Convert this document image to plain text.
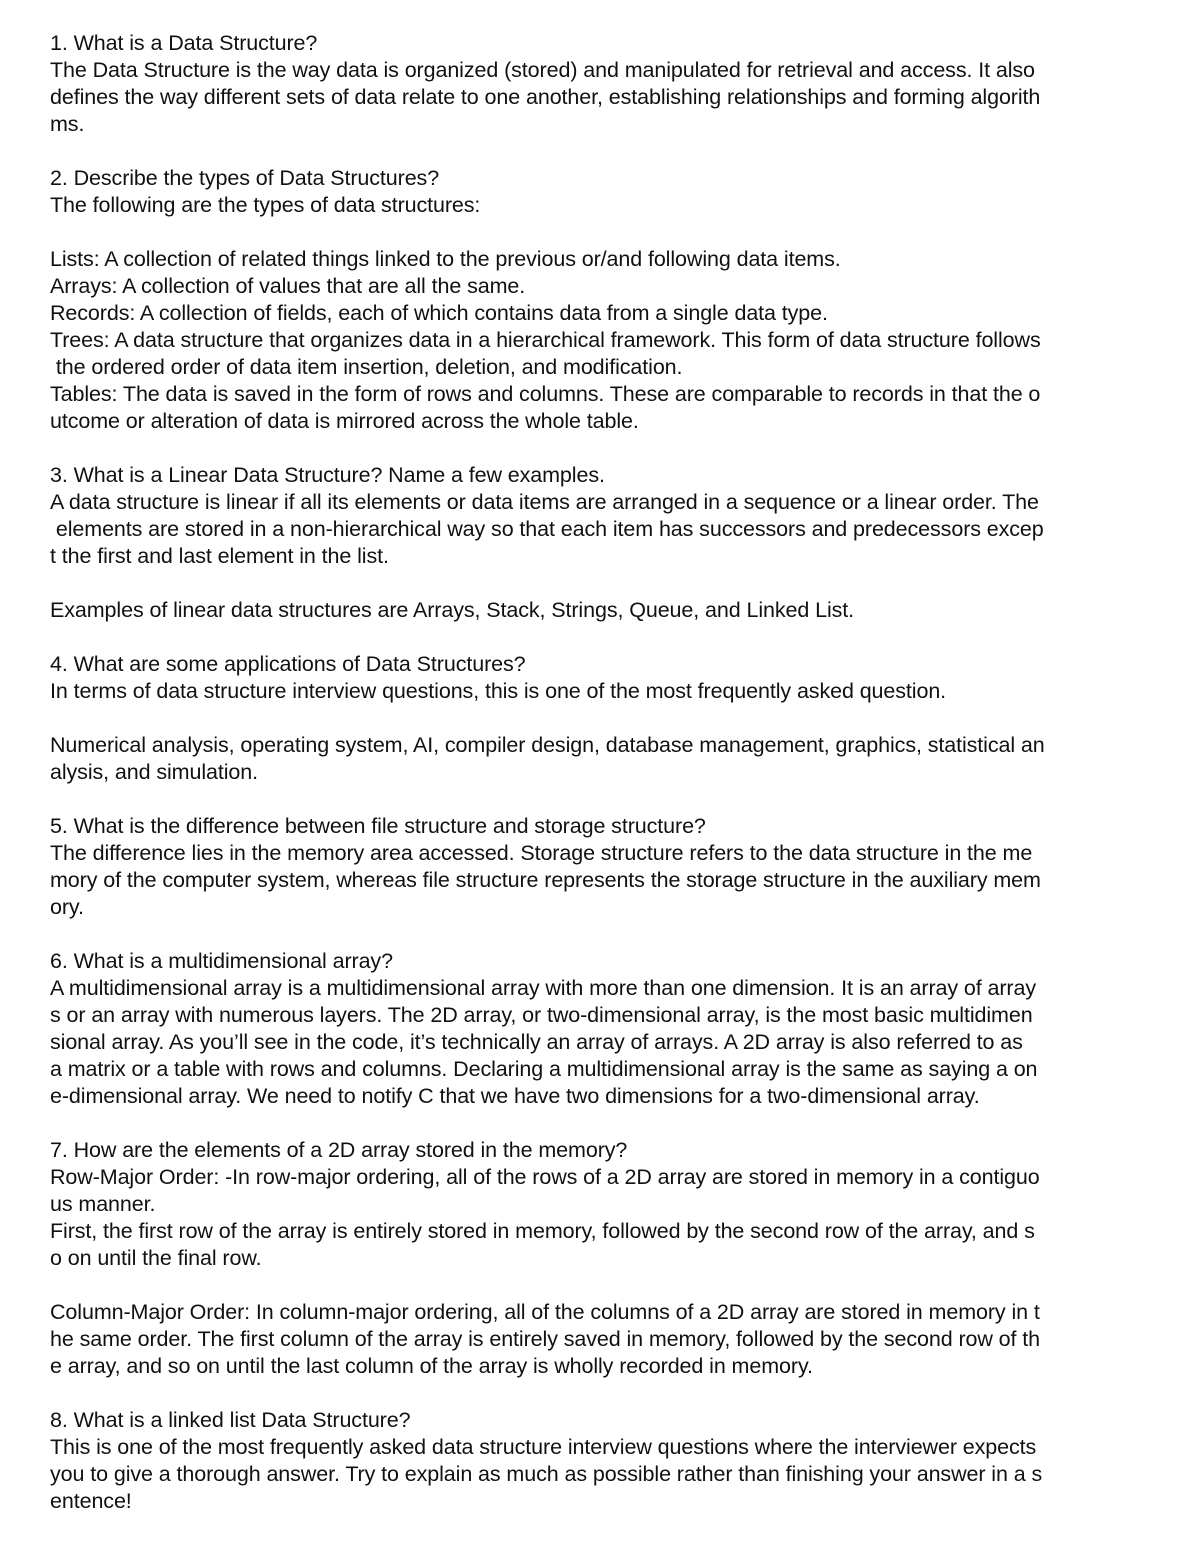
1. What is a Data Structure?
The Data Structure is the way data is organized (stored) and manipulated for retrieval and access. It also
defines the way different sets of data relate to one another, establishing relationships and forming algorith
ms.
2. Describe the types of Data Structures?
The following are the types of data structures:
Lists: A collection of related things linked to the previous or/and following data items.
Arrays: A collection of values that are all the same.
Records: A collection of fields, each of which contains data from a single data type.
Trees: A data structure that organizes data in a hierarchical framework. This form of data structure follows
the ordered order of data item insertion, deletion, and modification.
Tables: The data is saved in the form of rows and columns. These are comparable to records in that the o
utcome or alteration of data is mirrored across the whole table.
3. What is a Linear Data Structure? Name a few examples.
A data structure is linear if all its elements or data items are arranged in a sequence or a linear order. The
elements are stored in a non-hierarchical way so that each item has successors and predecessors excep
t the first and last element in the list.
Examples of linear data structures are Arrays, Stack, Strings, Queue, and Linked List.
4. What are some applications of Data Structures?
In terms of data structure interview questions, this is one of the most frequently asked question.
Numerical analysis, operating system, AI, compiler design, database management, graphics, statistical an
alysis, and simulation.
5. What is the difference between file structure and storage structure?
The difference lies in the memory area accessed. Storage structure refers to the data structure in the me
mory of the computer system, whereas file structure represents the storage structure in the auxiliary mem
ory.
6. What is a multidimensional array?
A multidimensional array is a multidimensional array with more than one dimension. It is an array of array
s or an array with numerous layers. The 2D array, or two-dimensional array, is the most basic multidimen
sional array. As you’ll see in the code, it’s technically an array of arrays. A 2D array is also referred to as
a matrix or a table with rows and columns. Declaring a multidimensional array is the same as saying a on
e-dimensional array. We need to notify C that we have two dimensions for a two-dimensional array.
7. How are the elements of a 2D array stored in the memory?
Row-Major Order: -In row-major ordering, all of the rows of a 2D array are stored in memory in a contiguo
us manner.
First, the first row of the array is entirely stored in memory, followed by the second row of the array, and s
o on until the final row.
Column-Major Order: In column-major ordering, all of the columns of a 2D array are stored in memory in t
he same order. The first column of the array is entirely saved in memory, followed by the second row of th
e array, and so on until the last column of the array is wholly recorded in memory.
8. What is a linked list Data Structure?
This is one of the most frequently asked data structure interview questions where the interviewer expects
you to give a thorough answer. Try to explain as much as possible rather than finishing your answer in a s
entence!
